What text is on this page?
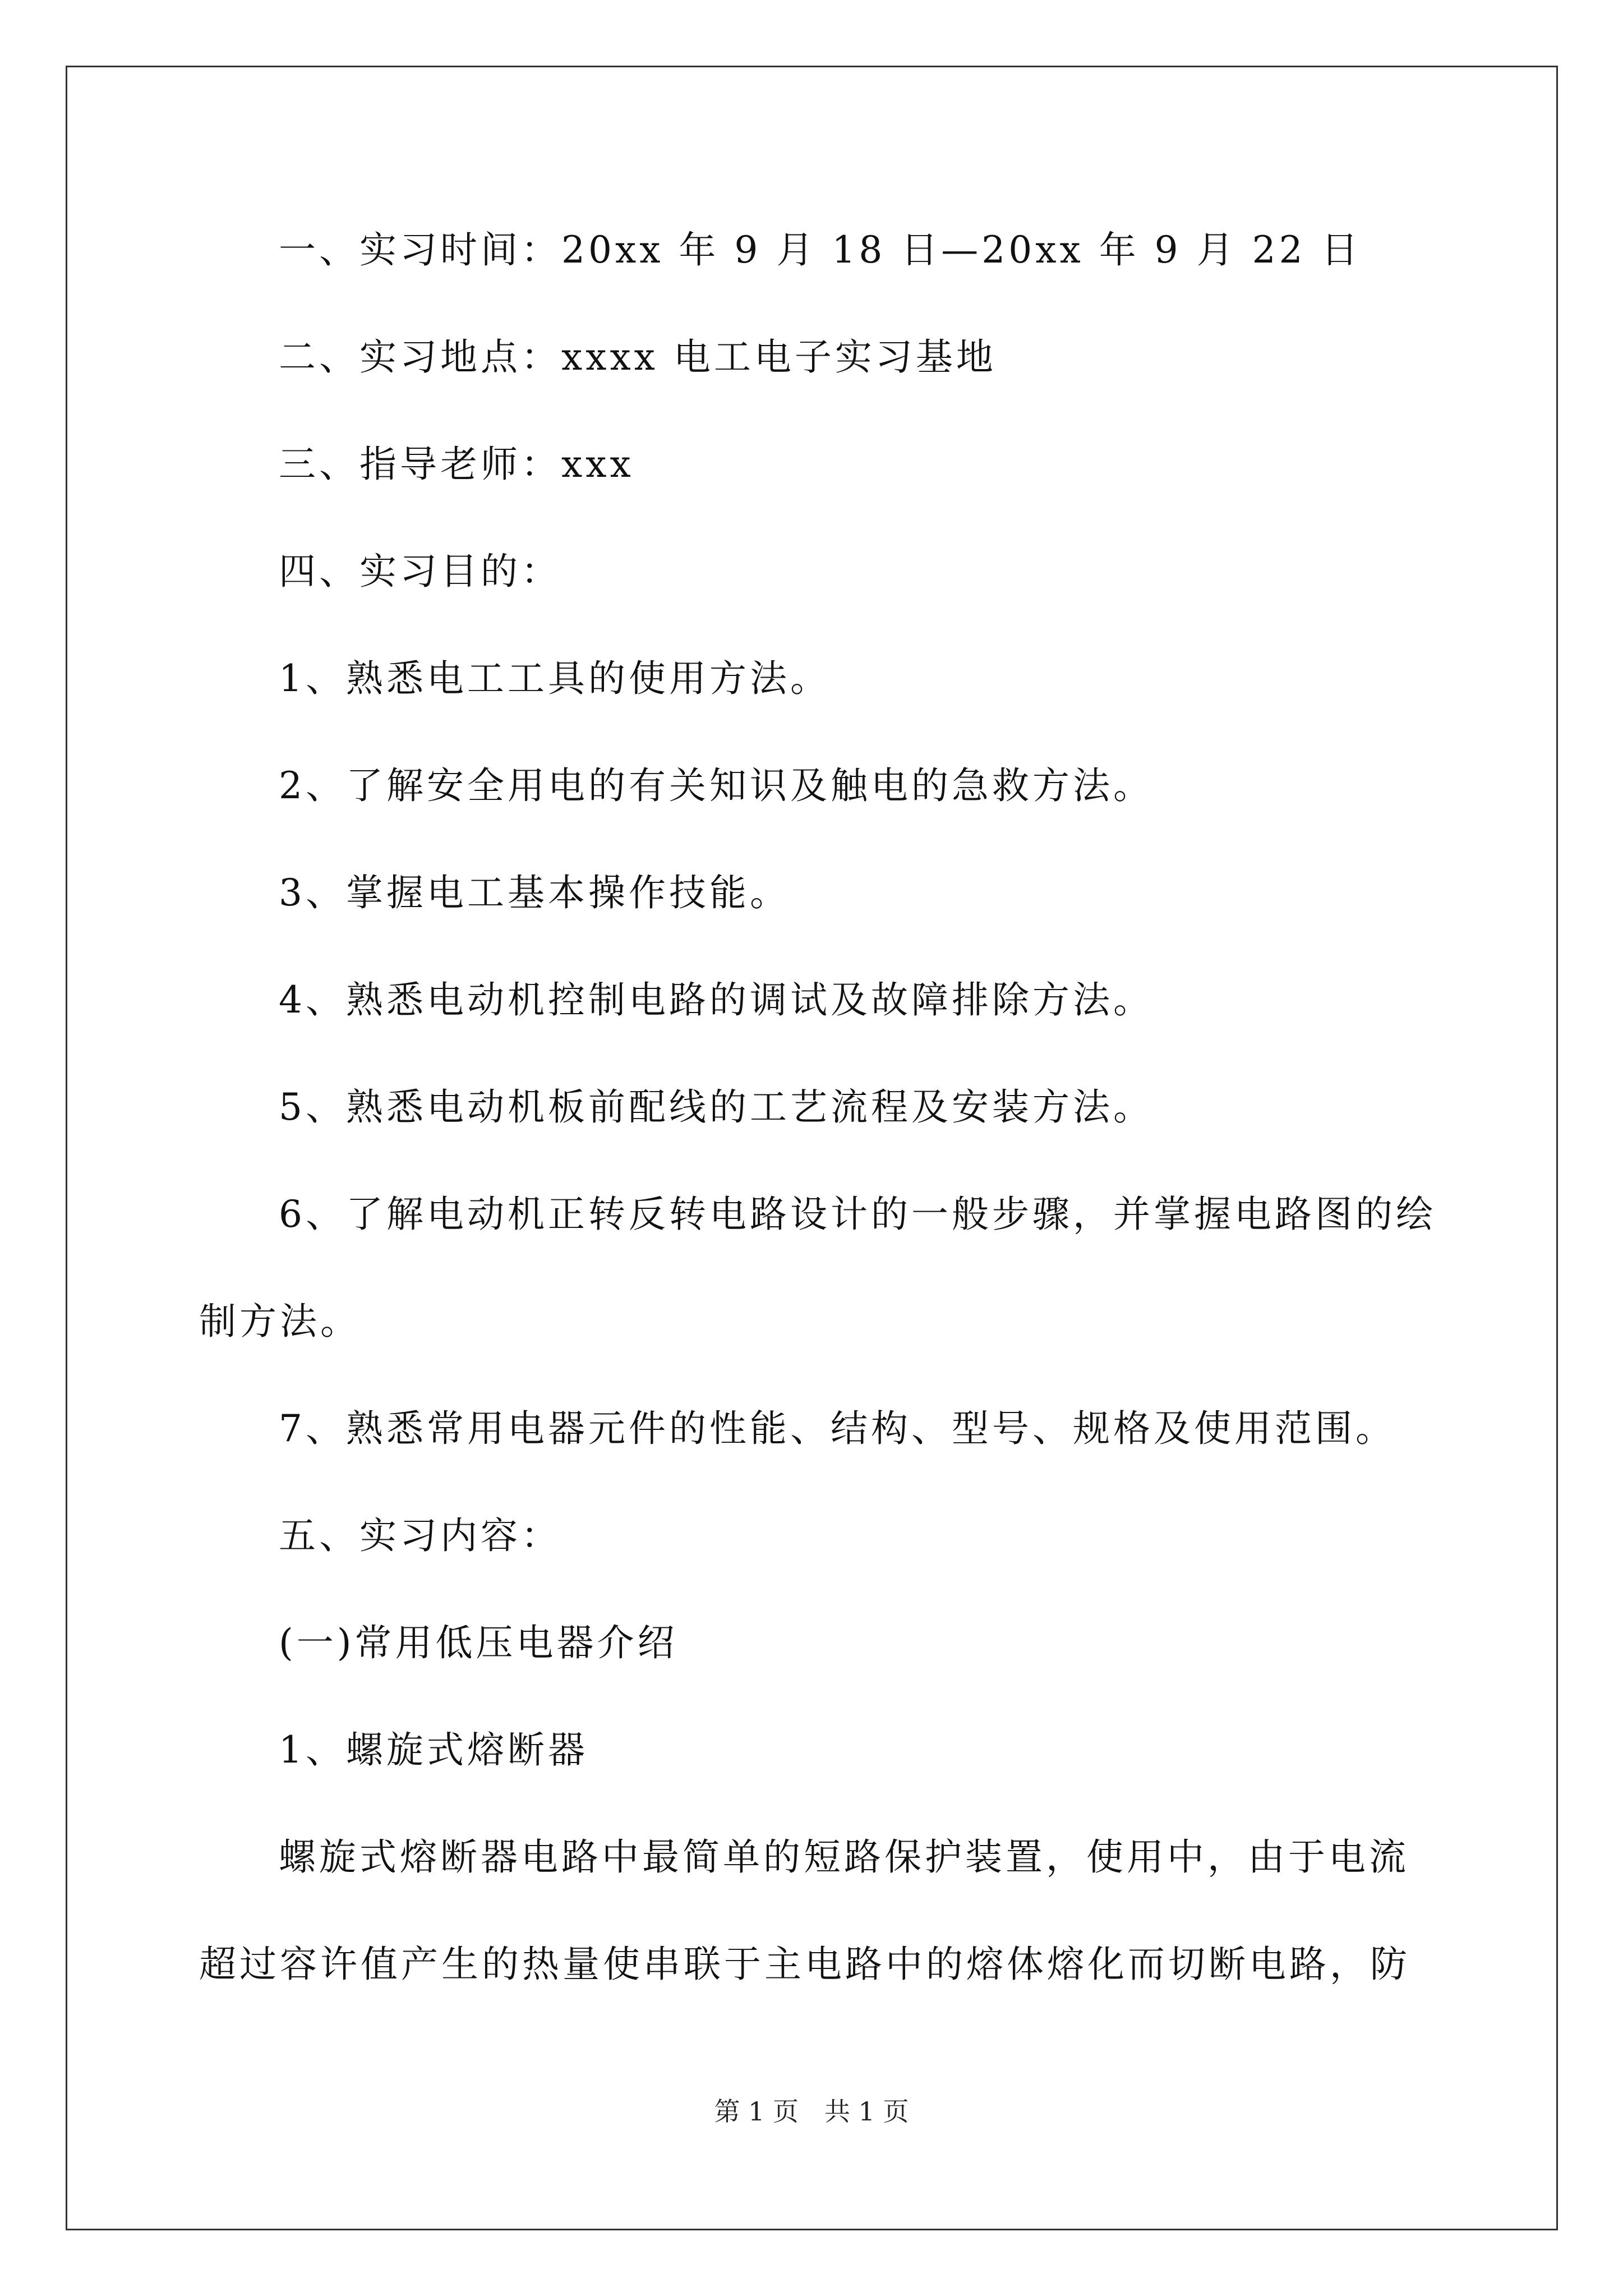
一、实习时间：20xx 年 9 月 18 日—20xx 年 9 月 22 日
二、实习地点：xxxx 电工电子实习基地
三、指导老师：xxx
四、实习目的：
1、熟悉电工工具的使用方法。
2、了解安全用电的有关知识及触电的急救方法。
3、掌握电工基本操作技能。
4、熟悉电动机控制电路的调试及故障排除方法。
5、熟悉电动机板前配线的工艺流程及安装方法。
6、了解电动机正转反转电路设计的一般步骤，并掌握电路图的绘
制方法。
7、熟悉常用电器元件的性能、结构、型号、规格及使用范围。
五、实习内容：
(一)常用低压电器介绍
1、螺旋式熔断器
螺旋式熔断器电路中最简单的短路保护装置，使用中，由于电流
超过容许值产生的热量使串联于主电路中的熔体熔化而切断电路，防
第 1 页　共 1 页
